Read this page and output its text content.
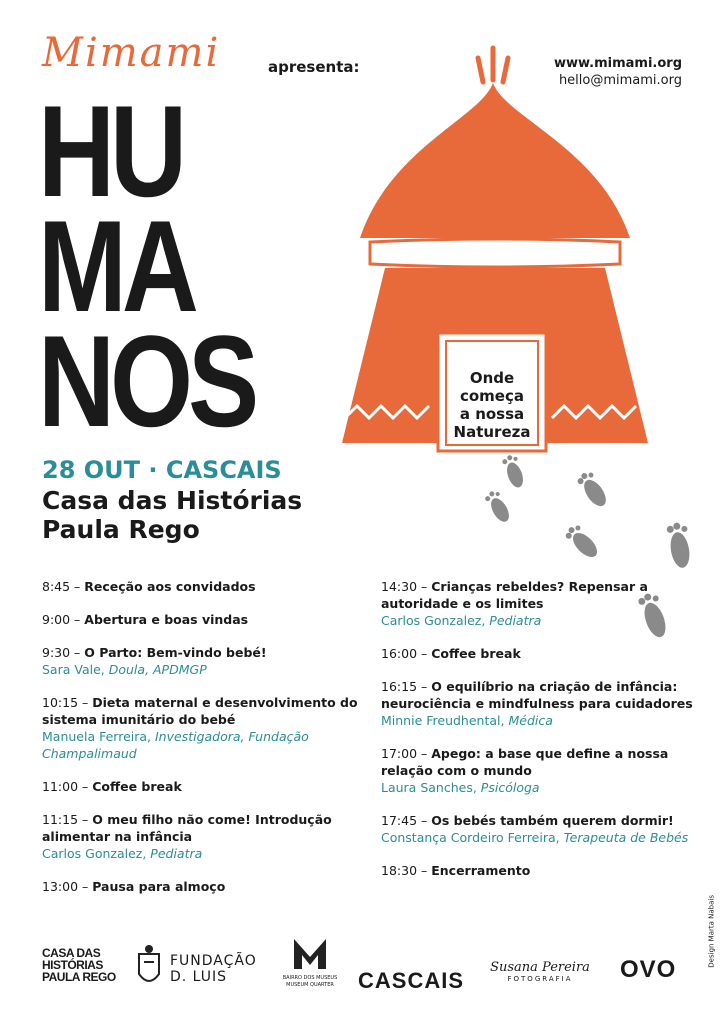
Mimami	apresenta:	www.mimami.org
hello@mimami.org
HU
MA
NOS	Onde
começa
a nossa
Natureza
28 OUT · CASCAIS
Casa das Histórias
Paula Rego
8:45 – Receção aos convidados
9:00 – Abertura e boas vindas
9:30 – O Parto: Bem-vindo bebé!
Sara Vale, Doula, APDMGP
10:15 – Dieta maternal e desenvolvimento do sistema imunitário do bebé
Manuela Ferreira, Investigadora, Fundação Champalimaud
11:00 – Coffee break
11:15 – O meu filho não come! Introdução alimentar na infância
Carlos Gonzalez, Pediatra
13:00 – Pausa para almoço
14:30 – Crianças rebeldes? Repensar a autoridade e os limites
Carlos Gonzalez, Pediatra
16:00 – Coffee break
16:15 – O equilíbrio na criação de infância: neurociência e mindfulness para cuidadores
Minnie Freudhental, Médica
17:00 – Apego: a base que define a nossa relação com o mundo
Laura Sanches, Psicóloga
17:45 – Os bebés também querem dormir!
Constança Cordeiro Ferreira, Terapeuta de Bebés
18:30 – Encerramento
Design Marta Nabais
CASA DAS
HISTÓRIAS
PAULA REGO
FUNDAÇÃO
D. LUIS	BAIRRO DOS MUSEUS
MUSEUM QUARTER CASCAIS
Susana Pereira
FOTOGRAFIA	OVO
